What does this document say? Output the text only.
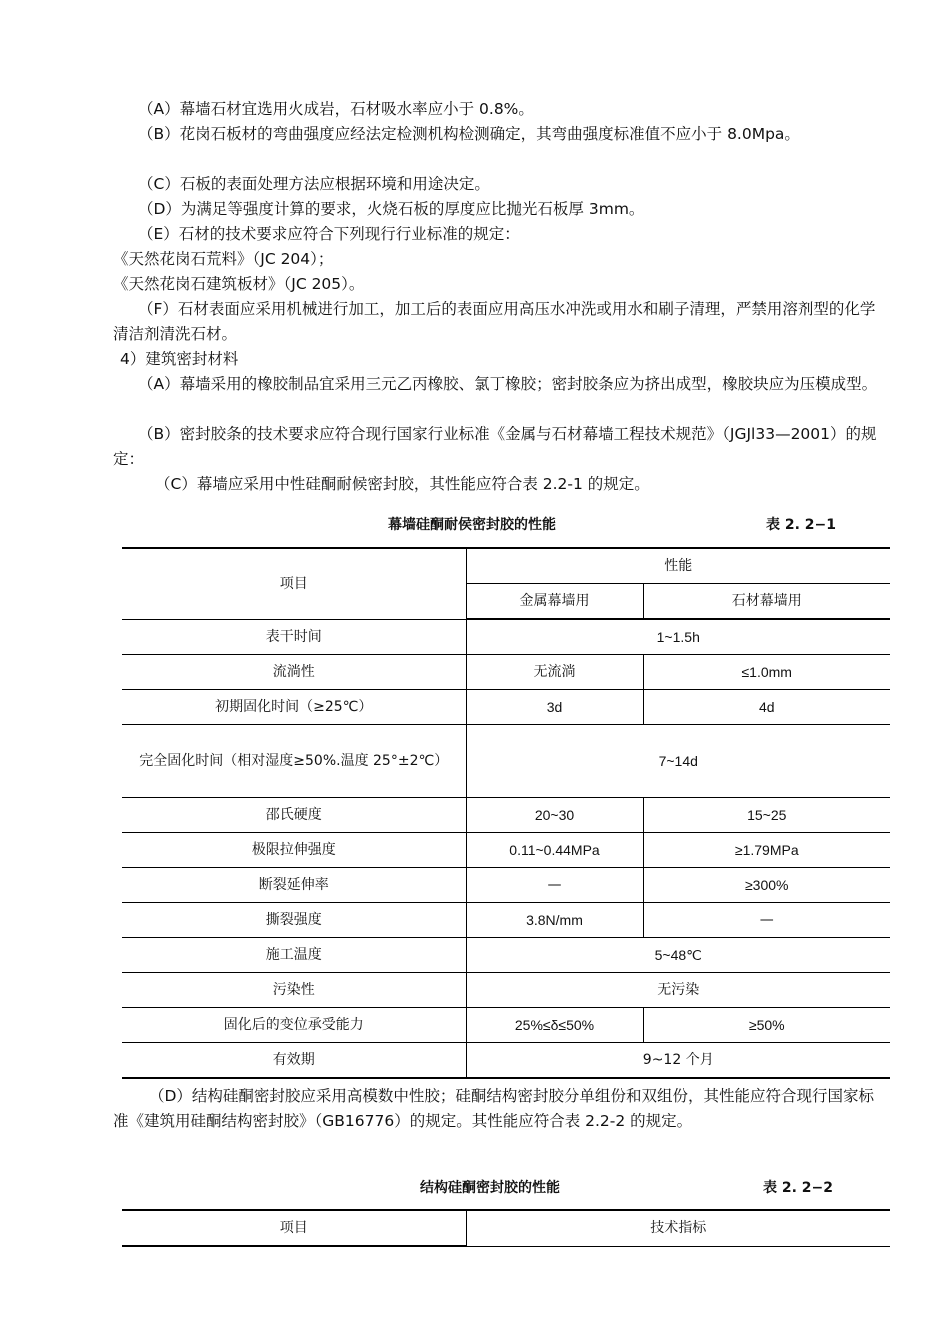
（A）幕墙石材宜选用火成岩，石材吸水率应小于 0.8%。

（B）花岗石板材的弯曲强度应经法定检测机构检测确定，其弯曲强度标准值不应小于 8.0Mpa。

（C）石板的表面处理方法应根据环境和用途决定。

（D）为满足等强度计算的要求，火烧石板的厚度应比抛光石板厚 3mm。

（E）石材的技术要求应符合下列现行行业标准的规定：

《天然花岗石荒料》（JC 204）；

《天然花岗石建筑板材》（JC 205）。

（F）石材表面应采用机械进行加工，加工后的表面应用高压水冲洗或用水和刷子清理，严禁用溶剂型的化学清洁剂清洗石材。

4）建筑密封材料

（A）幕墙采用的橡胶制品宜采用三元乙丙橡胶、氯丁橡胶；密封胶条应为挤出成型，橡胶块应为压模成型。

（B）密封胶条的技术要求应符合现行国家行业标准《金属与石材幕墙工程技术规范》（JGJl33—2001）的规定：

（C）幕墙应采用中性硅酮耐候密封胶，其性能应符合表 2.2-1 的规定。

幕墙硅酮耐侯密封胶的性能	表 2. 2−1
项目	性能	
	金属幕墙用	石材幕墙用
表干时间	1~1.5h	
流淌性	无流淌	≤1.0mm
初期固化时间（≥25℃）	3d	4d
完全固化时间（相对湿度≥50%.温度 25°±2℃）	7~14d	
邵氏硬度	20~30	15~25
极限拉伸强度	0.11~0.44MPa	≥1.79MPa
断裂延伸率	—	≥300%
撕裂强度	3.8N/mm	—
施工温度	5~48℃	
污染性	无污染	
固化后的变位承受能力	25%≤δ≤50%	≥50%
有效期	9~12 个月	

（D）结构硅酮密封胶应采用高模数中性胶；硅酮结构密封胶分单组份和双组份，其性能应符合现行国家标准《建筑用硅酮结构密封胶》（GB16776）的规定。其性能应符合表 2.2-2 的规定。

结构硅酮密封胶的性能	表 2. 2−2
项目	技术指标
